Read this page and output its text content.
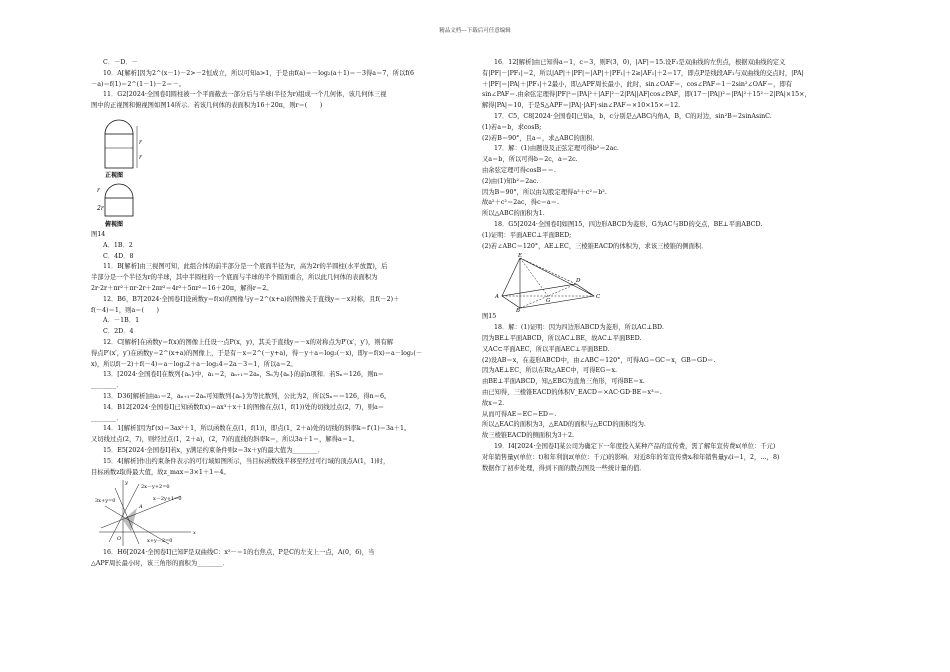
精品文档---下载后可任意编辑

C．－D．－

10．A[解析]因为2^(x－1)－2>－2恒成立，所以可知a>1，于是由f(a)＝－log₂(a＋1)＝－3得a＝7，所以f(6

－a)＝f(1)＝2^(1－1)－2＝－。

11．G2[2024·全国卷Ⅰ]圆柱被一个平面截去一部分后与半球(半径为r)组成一个几何体，该几何体三视

图中的正视图和俯视图如图14所示．若该几何体的表面积为16＋20π，则r＝(　　)

r
r
正视图
r
2r
俯视图

图14

A．1B．2

C．4D．8

11．B[解析]由三视图可知，此组合体的前半部分是一个底面半径为r，高为2r的半圆柱(水平放置)，后

半部分是一个半径为r的半球，其中半圆柱的一个底面与半球的半个圆面重合，所以此几何体的表面积为

2r·2r＋πr²＋πr·2r＋2πr²＝4r²＋5πr²＝16＋20π，解得r＝2。

12．B6，B7[2024·全国卷Ⅰ]设函数y＝f(x)的图像与y＝2^(x+a)的图像关于直线y＝－x对称，且f(－2)＋

f(－4)＝1，则a＝(　　)

A．－1B．1

C．2D．4

12．C[解析]在函数y＝f(x)的图像上任设一点P(x，y)，其关于直线y＝－x的对称点为P′(x′，y′)，则有解

得点P′(x′，y′)在函数y＝2^(x+a)的图像上，于是有－x＝2^(－y+a)，得－y＋a＝log₂(－x)，即y＝f(x)＝a－log₂(－

x)，所以f(－2)＋f(－4)＝a－log₂2＋a－log₂4＝2a－3＝1，所以a＝2。

13．[2024·全国卷Ⅰ]在数列{aₙ}中，a₁＝2，aₙ₊₁＝2aₙ，Sₙ为{aₙ}的前n项和．若Sₙ＝126，则n＝

________．

13．D36[解析]由a₁＝2，aₙ₊₁＝2aₙ可知数列{aₙ}为等比数列，公比为2，所以Sₙ＝＝126，得n＝6。

14．B12[2024·全国卷Ⅰ]已知函数f(x)＝ax³＋x＋1的图像在点(1，f(1))处的切线过点(2，7)，则a＝

________．

14．1[解析]因为f′(x)＝3ax²＋1，所以函数在点(1，f(1))，即点(1，2＋a)处的切线的斜率k＝f′(1)＝3a＋1。

又切线过点(2，7)，则经过点(1，2＋a)，(2，7)的直线的斜率k＝，所以3a＋1＝，解得a＝1。

15．E5[2024·全国卷Ⅰ]若x，y满足约束条件则z＝3x＋y的最大值为________．

15．4[解析]作出约束条件表示的可行域如图所示，当目标函数线平移至经过可行域的顶点A(1，1)时，

目标函数z取得最大值，故z_max＝3×1＋1＝4。

2x－y+2=0
x－2y+1=0
3x+y=0
x+y－2=0
A
y
x
O

16．H6[2024·全国卷Ⅰ]已知F是双曲线C：x²－＝1的右焦点，P是C的左支上一点，A(0，6)，当

△APF周长最小时，该三角形的面积为________．

16．12[解析]由已知得a＝1，c＝3，则F(3，0)，|AF|＝15.设F₁是双曲线的左焦点，根据双曲线的定义

有|PF|－|PF₁|＝2，所以|AP|＋|PF|＝|AP|＋|PF₁|＋2≥|AF₁|＋2＝17，即点P是线段AF₁与双曲线的交点时，|PA|

＋|PF|＝|PA|＋|PF₁|＋2最小，即△APF周长最小，此时，sin∠OAF＝，cos∠PAF＝1－2sin²∠OAF＝，即有

sin∠PAF＝.由余弦定理得|PF|²＝|PA|²＋|AF|²－2|PA||AF|cos∠PAF，即(17－|PA|)²＝|PA|²＋15²－2|PA|×15×，

解得|PA|＝10，于是S△APF＝|PA|·|AF|·sin∠PAF＝×10×15×＝12.

17．C5，C8[2024·全国卷Ⅰ]已知a，b，c分别是△ABC内角A，B，C的对边，sin²B＝2sinAsinC.

(1)若a＝b，求cosB;

(2)若B＝90°，且a＝，求△ABC的面积．

17．解：(1)由题设及正弦定理可得b²＝2ac.

又a＝b，所以可得b＝2c，a＝2c.

由余弦定理可得cosB＝＝.

(2)由(1)知b²＝2ac.

因为B＝90°，所以由勾股定理得a²＋c²＝b².

故a²＋c²＝2ac，得c＝a＝.

所以△ABC的面积为1.

18．G5[2024·全国卷Ⅰ]如图15，四边形ABCD为菱形，G为AC与BD的交点，BE⊥平面ABCD.

(1)证明：平面AEC⊥平面BED;

(2)若∠ABC＝120°，AE⊥EC，三棱锥EACD的体积为，求该三棱锥的侧面积．

E
A
B
C
D
G

图15

18．解：(1)证明：因为四边形ABCD为菱形，所以AC⊥BD.

因为BE⊥平面ABCD，所以AC⊥BE，故AC⊥平面BED.

又AC⊂平面AEC，所以平面AEC⊥平面BED.

(2)设AB＝x，在菱形ABCD中，由∠ABC＝120°，可得AG＝GC＝x，GB＝GD＝.

因为AE⊥EC，所以在Rt△AEC中，可得EG＝x.

由BE⊥平面ABCD，知△EBG为直角三角形，可得BE＝x.

由已知得，三棱锥EACD的体积V_EACD＝×AC·GD·BE＝x³＝.

故x＝2.

从而可得AE＝EC＝ED＝.

所以△EAC的面积为3，△EAD的面积与△ECD的面积均为.

故三棱锥EACD的侧面积为3＋2.

19．I4[2024·全国卷Ⅰ]某公司为确定下一年度投入某种产品的宣传费，需了解年宣传费x(单位：千元)

对年销售量y(单位：t)和年利润z(单位：千元)的影响．对近8年的年宣传费xᵢ和年销售量yᵢ(i＝1，2，…，8)

数据作了初步处理，得到下面的散点图及一些统计量的值．
